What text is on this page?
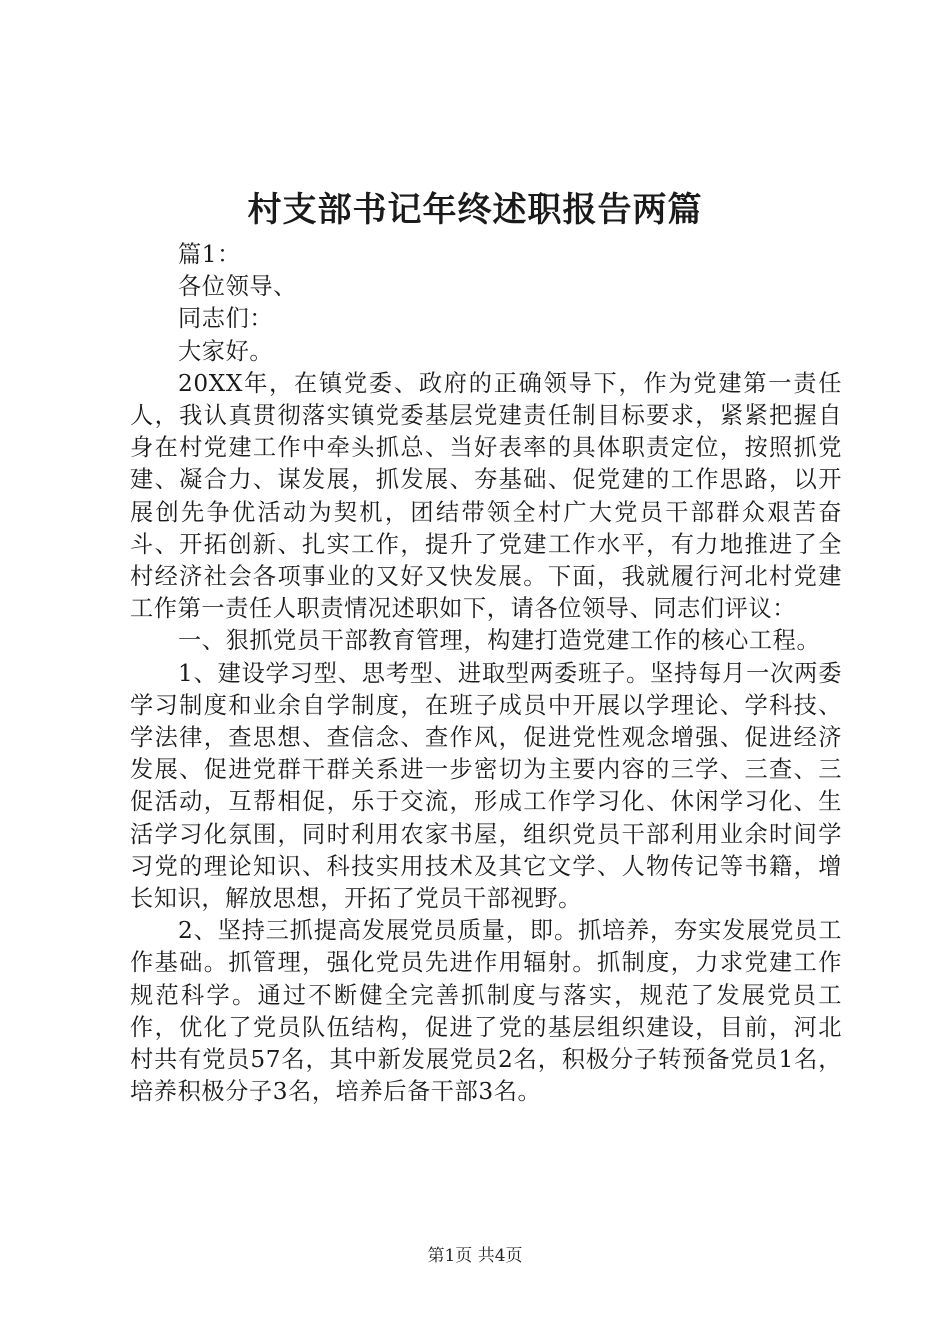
村支部书记年终述职报告两篇

篇1：

各位领导、

同志们：

大家好。

20XX年，在镇党委、政府的正确领导下，作为党建第一责任人，我认真贯彻落实镇党委基层党建责任制目标要求，紧紧把握自身在村党建工作中牵头抓总、当好表率的具体职责定位，按照抓党建、凝合力、谋发展，抓发展、夯基础、促党建的工作思路，以开展创先争优活动为契机，团结带领全村广大党员干部群众艰苦奋斗、开拓创新、扎实工作，提升了党建工作水平，有力地推进了全村经济社会各项事业的又好又快发展。下面，我就履行河北村党建工作第一责任人职责情况述职如下，请各位领导、同志们评议：

一、狠抓党员干部教育管理，构建打造党建工作的核心工程。

1、建设学习型、思考型、进取型两委班子。坚持每月一次两委学习制度和业余自学制度，在班子成员中开展以学理论、学科技、学法律，查思想、查信念、查作风，促进党性观念增强、促进经济发展、促进党群干群关系进一步密切为主要内容的三学、三查、三促活动，互帮相促，乐于交流，形成工作学习化、休闲学习化、生活学习化氛围，同时利用农家书屋，组织党员干部利用业余时间学习党的理论知识、科技实用技术及其它文学、人物传记等书籍，增长知识，解放思想，开拓了党员干部视野。

2、坚持三抓提高发展党员质量，即。抓培养，夯实发展党员工作基础。抓管理，强化党员先进作用辐射。抓制度，力求党建工作规范科学。通过不断健全完善抓制度与落实，规范了发展党员工作，优化了党员队伍结构，促进了党的基层组织建设，目前，河北村共有党员57名，其中新发展党员2名，积极分子转预备党员1名，培养积极分子3名，培养后备干部3名。

第1页 共4页
